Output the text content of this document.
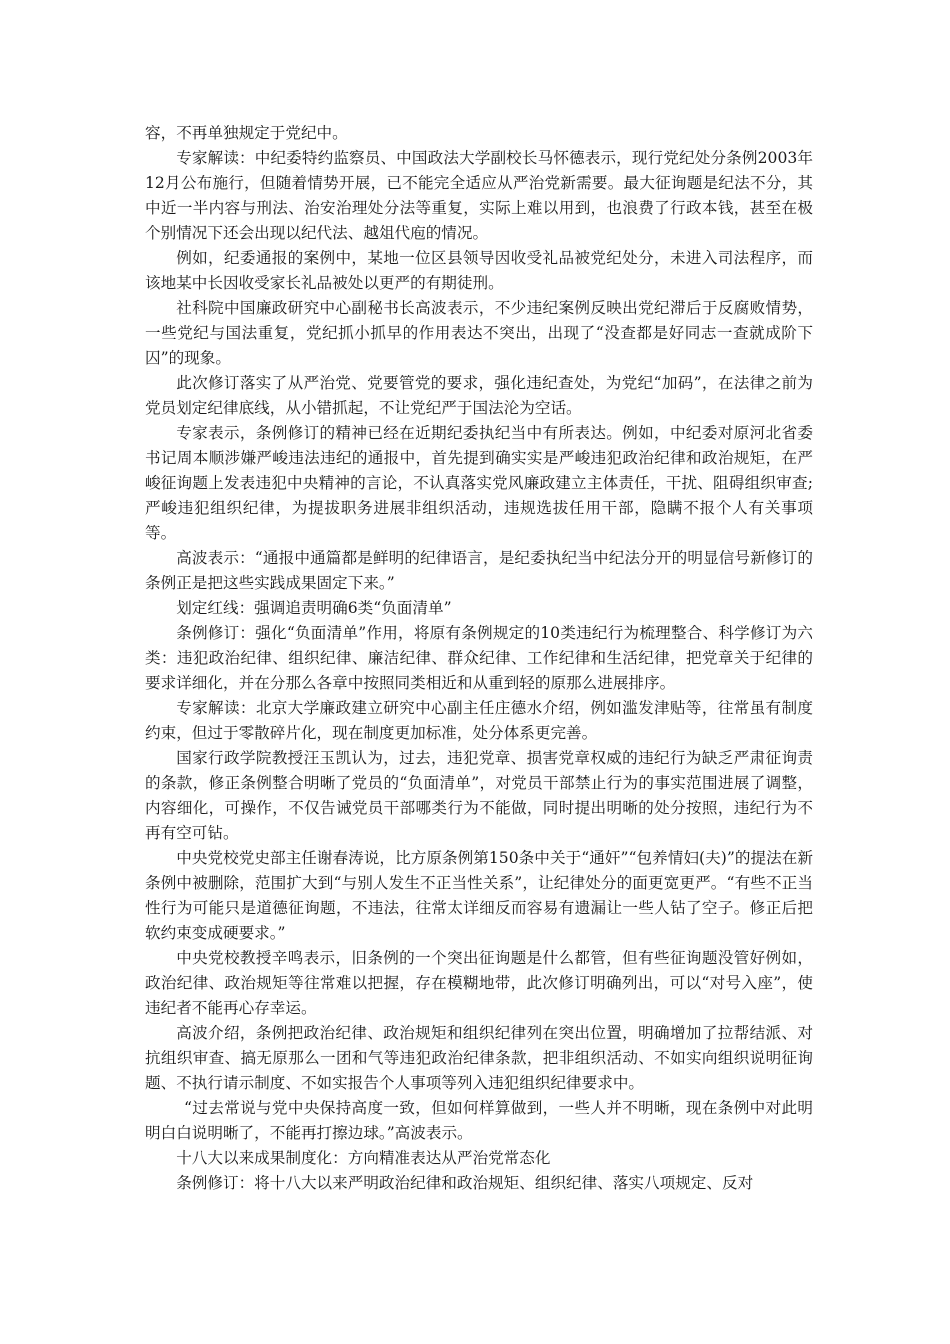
容，不再单独规定于党纪中。

专家解读：中纪委特约监察员、中国政法大学副校长马怀德表示，现行党纪处分条例2003年12月公布施行，但随着情势开展，已不能完全适应从严治党新需要。最大征询题是纪法不分，其中近一半内容与刑法、治安治理处分法等重复，实际上难以用到，也浪费了行政本钱，甚至在极个别情况下还会出现以纪代法、越俎代庖的情况。

例如，纪委通报的案例中，某地一位区县领导因收受礼品被党纪处分，未进入司法程序，而该地某中长因收受家长礼品被处以更严的有期徒刑。

社科院中国廉政研究中心副秘书长高波表示，不少违纪案例反映出党纪滞后于反腐败情势，一些党纪与国法重复，党纪抓小抓早的作用表达不突出，出现了“没查都是好同志一查就成阶下囚”的现象。

此次修订落实了从严治党、党要管党的要求，强化违纪查处，为党纪“加码”，在法律之前为党员划定纪律底线，从小错抓起，不让党纪严于国法沦为空话。

专家表示，条例修订的精神已经在近期纪委执纪当中有所表达。例如，中纪委对原河北省委书记周本顺涉嫌严峻违法违纪的通报中，首先提到确实实是严峻违犯政治纪律和政治规矩，在严峻征询题上发表违犯中央精神的言论，不认真落实党风廉政建立主体责任，干扰、阻碍组织审查;严峻违犯组织纪律，为提拔职务进展非组织活动，违规选拔任用干部，隐瞒不报个人有关事项等。

高波表示：“通报中通篇都是鲜明的纪律语言，是纪委执纪当中纪法分开的明显信号新修订的条例正是把这些实践成果固定下来。”

划定红线：强调追责明确6类“负面清单”

条例修订：强化“负面清单”作用，将原有条例规定的10类违纪行为梳理整合、科学修订为六类：违犯政治纪律、组织纪律、廉洁纪律、群众纪律、工作纪律和生活纪律，把党章关于纪律的要求详细化，并在分那么各章中按照同类相近和从重到轻的原那么进展排序。

专家解读：北京大学廉政建立研究中心副主任庄德水介绍，例如滥发津贴等，往常虽有制度约束，但过于零散碎片化，现在制度更加标准，处分体系更完善。

国家行政学院教授汪玉凯认为，过去，违犯党章、损害党章权威的违纪行为缺乏严肃征询责的条款，修正条例整合明晰了党员的“负面清单”，对党员干部禁止行为的事实范围进展了调整，内容细化，可操作，不仅告诫党员干部哪类行为不能做，同时提出明晰的处分按照，违纪行为不再有空可钻。

中央党校党史部主任谢春涛说，比方原条例第150条中关于“通奸”“包养情妇(夫)”的提法在新条例中被删除，范围扩大到“与别人发生不正当性关系”，让纪律处分的面更宽更严。“有些不正当性行为可能只是道德征询题，不违法，往常太详细反而容易有遗漏让一些人钻了空子。修正后把软约束变成硬要求。”

中央党校教授辛鸣表示，旧条例的一个突出征询题是什么都管，但有些征询题没管好例如，政治纪律、政治规矩等往常难以把握，存在模糊地带，此次修订明确列出，可以“对号入座”，使违纪者不能再心存幸运。

高波介绍，条例把政治纪律、政治规矩和组织纪律列在突出位置，明确增加了拉帮结派、对抗组织审查、搞无原那么一团和气等违犯政治纪律条款，把非组织活动、不如实向组织说明征询题、不执行请示制度、不如实报告个人事项等列入违犯组织纪律要求中。

“过去常说与党中央保持高度一致，但如何样算做到，一些人并不明晰，现在条例中对此明明白白说明晰了，不能再打擦边球。”高波表示。

十八大以来成果制度化：方向精准表达从严治党常态化

条例修订：将十八大以来严明政治纪律和政治规矩、组织纪律、落实八项规定、反对
